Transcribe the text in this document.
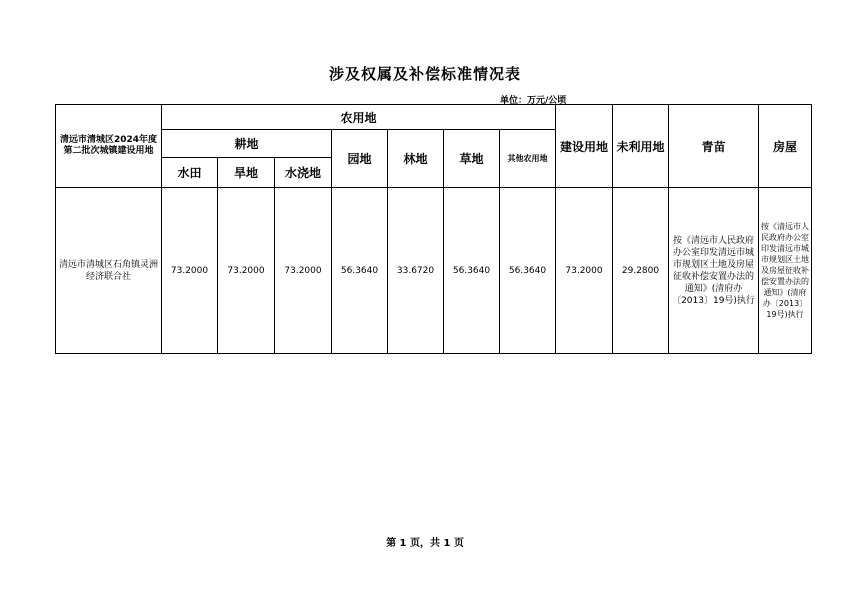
涉及权属及补偿标准情况表
单位：万元/公顷
清远市清城区2024年度第二批次城镇建设用地	农用地							建设用地	未利用地	青苗	房屋
	耕地			园地	林地	草地	其他农用地				
	水田	旱地	水浇地								
清远市清城区石角镇灵洲经济联合社	73.2000	73.2000	73.2000	56.3640	33.6720	56.3640	56.3640	73.2000	29.2800	按《清远市人民政府办公室印发清远市城市规划区土地及房屋征收补偿安置办法的通知》(清府办〔2013〕19号)执行	按《清远市人民政府办公室印发清远市城市规划区土地及房屋征收补偿安置办法的通知》(清府办〔2013〕19号)执行
第 1 页，共 1 页
